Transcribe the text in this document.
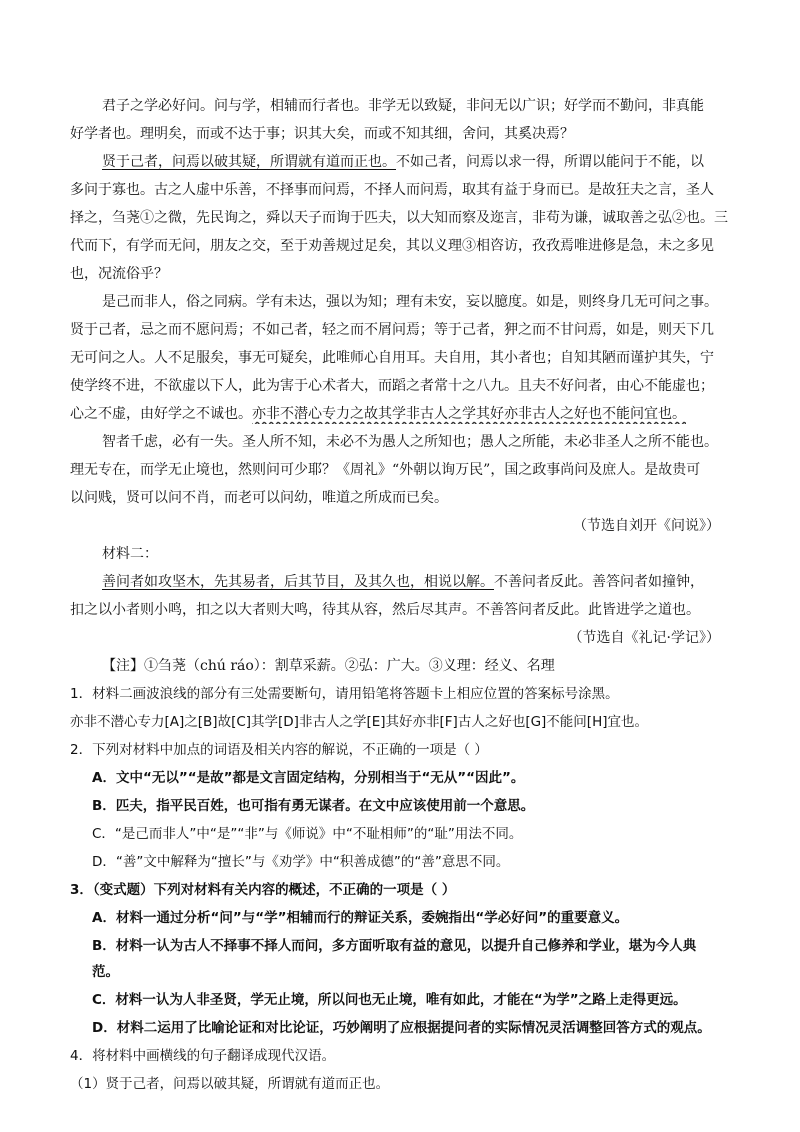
君子之学必好问。问与学，相辅而行者也。非学无以致疑，非问无以广识；好学而不勤问，非真能
好学者也。理明矣，而或不达于事；识其大矣，而或不知其细，舍问，其奚决焉？
贤于己者，问焉以破其疑，所谓就有道而正也。不如己者，问焉以求一得，所谓以能问于不能，以
多问于寡也。古之人虚中乐善，不择事而问焉，不择人而问焉，取其有益于身而已。是故狂夫之言，圣人
择之，刍荛①之微，先民询之，舜以天子而询于匹夫，以大知而察及迩言，非苟为谦，诚取善之弘②也。三
代而下，有学而无问，朋友之交，至于劝善规过足矣，其以义理③相咨访，孜孜焉唯进修是急，未之多见
也，况流俗乎？
是己而非人，俗之同病。学有未达，强以为知；理有未安，妄以臆度。如是，则终身几无可问之事。
贤于己者，忌之而不愿问焉；不如己者，轻之而不屑问焉；等于己者，狎之而不甘问焉，如是，则天下几
无可问之人。人不足服矣，事无可疑矣，此唯师心自用耳。夫自用，其小者也；自知其陋而谨护其失，宁
使学终不进，不欲虚以下人，此为害于心术者大，而蹈之者常十之八九。且夫不好问者，由心不能虚也；
心之不虚，由好学之不诚也。亦非不潜心专力之故其学非古人之学其好亦非古人之好也不能问宜也。
智者千虑，必有一失。圣人所不知，未必不为愚人之所知也；愚人之所能，未必非圣人之所不能也。
理无专在，而学无止境也，然则问可少耶？《周礼》“外朝以询万民”，国之政事尚问及庶人。是故贵可
以问贱，贤可以问不肖，而老可以问幼，唯道之所成而已矣。
（节选自刘开《问说》）
材料二：
善问者如攻坚木，先其易者，后其节目，及其久也，相说以解。不善问者反此。善答问者如撞钟，
扣之以小者则小鸣，扣之以大者则大鸣，待其从容，然后尽其声。不善答问者反此。此皆进学之道也。
（节选自《礼记·学记》）
【注】①刍荛（chú ráo）：割草采薪。②弘：广大。③义理：经义、名理
1．材料二画波浪线的部分有三处需要断句，请用铅笔将答题卡上相应位置的答案标号涂黑。
亦非不潜心专力[A]之[B]故[C]其学[D]非古人之学[E]其好亦非[F]古人之好也[G]不能问[H]宜也。
2．下列对材料中加点的词语及相关内容的解说，不正确的一项是（ ）
A．文中“无以”“是故”都是文言固定结构，分别相当于“无从”“因此”。
B．匹夫，指平民百姓，也可指有勇无谋者。在文中应该使用前一个意思。
C．“是己而非人”中“是”“非”与《师说》中“不耻相师”的“耻”用法不同。
D．“善”文中解释为“擅长”与《劝学》中“积善成德”的“善”意思不同。
3．（变式题）下列对材料有关内容的概述，不正确的一项是（ ）
A．材料一通过分析“问”与“学”相辅而行的辩证关系，委婉指出“学必好问”的重要意义。
B．材料一认为古人不择事不择人而问，多方面听取有益的意见，以提升自己修养和学业，堪为今人典
范。
C．材料一认为人非圣贤，学无止境，所以问也无止境，唯有如此，才能在“为学”之路上走得更远。
D．材料二运用了比喻论证和对比论证，巧妙阐明了应根据提问者的实际情况灵活调整回答方式的观点。
4．将材料中画横线的句子翻译成现代汉语。
（1）贤于己者，问焉以破其疑，所谓就有道而正也。
